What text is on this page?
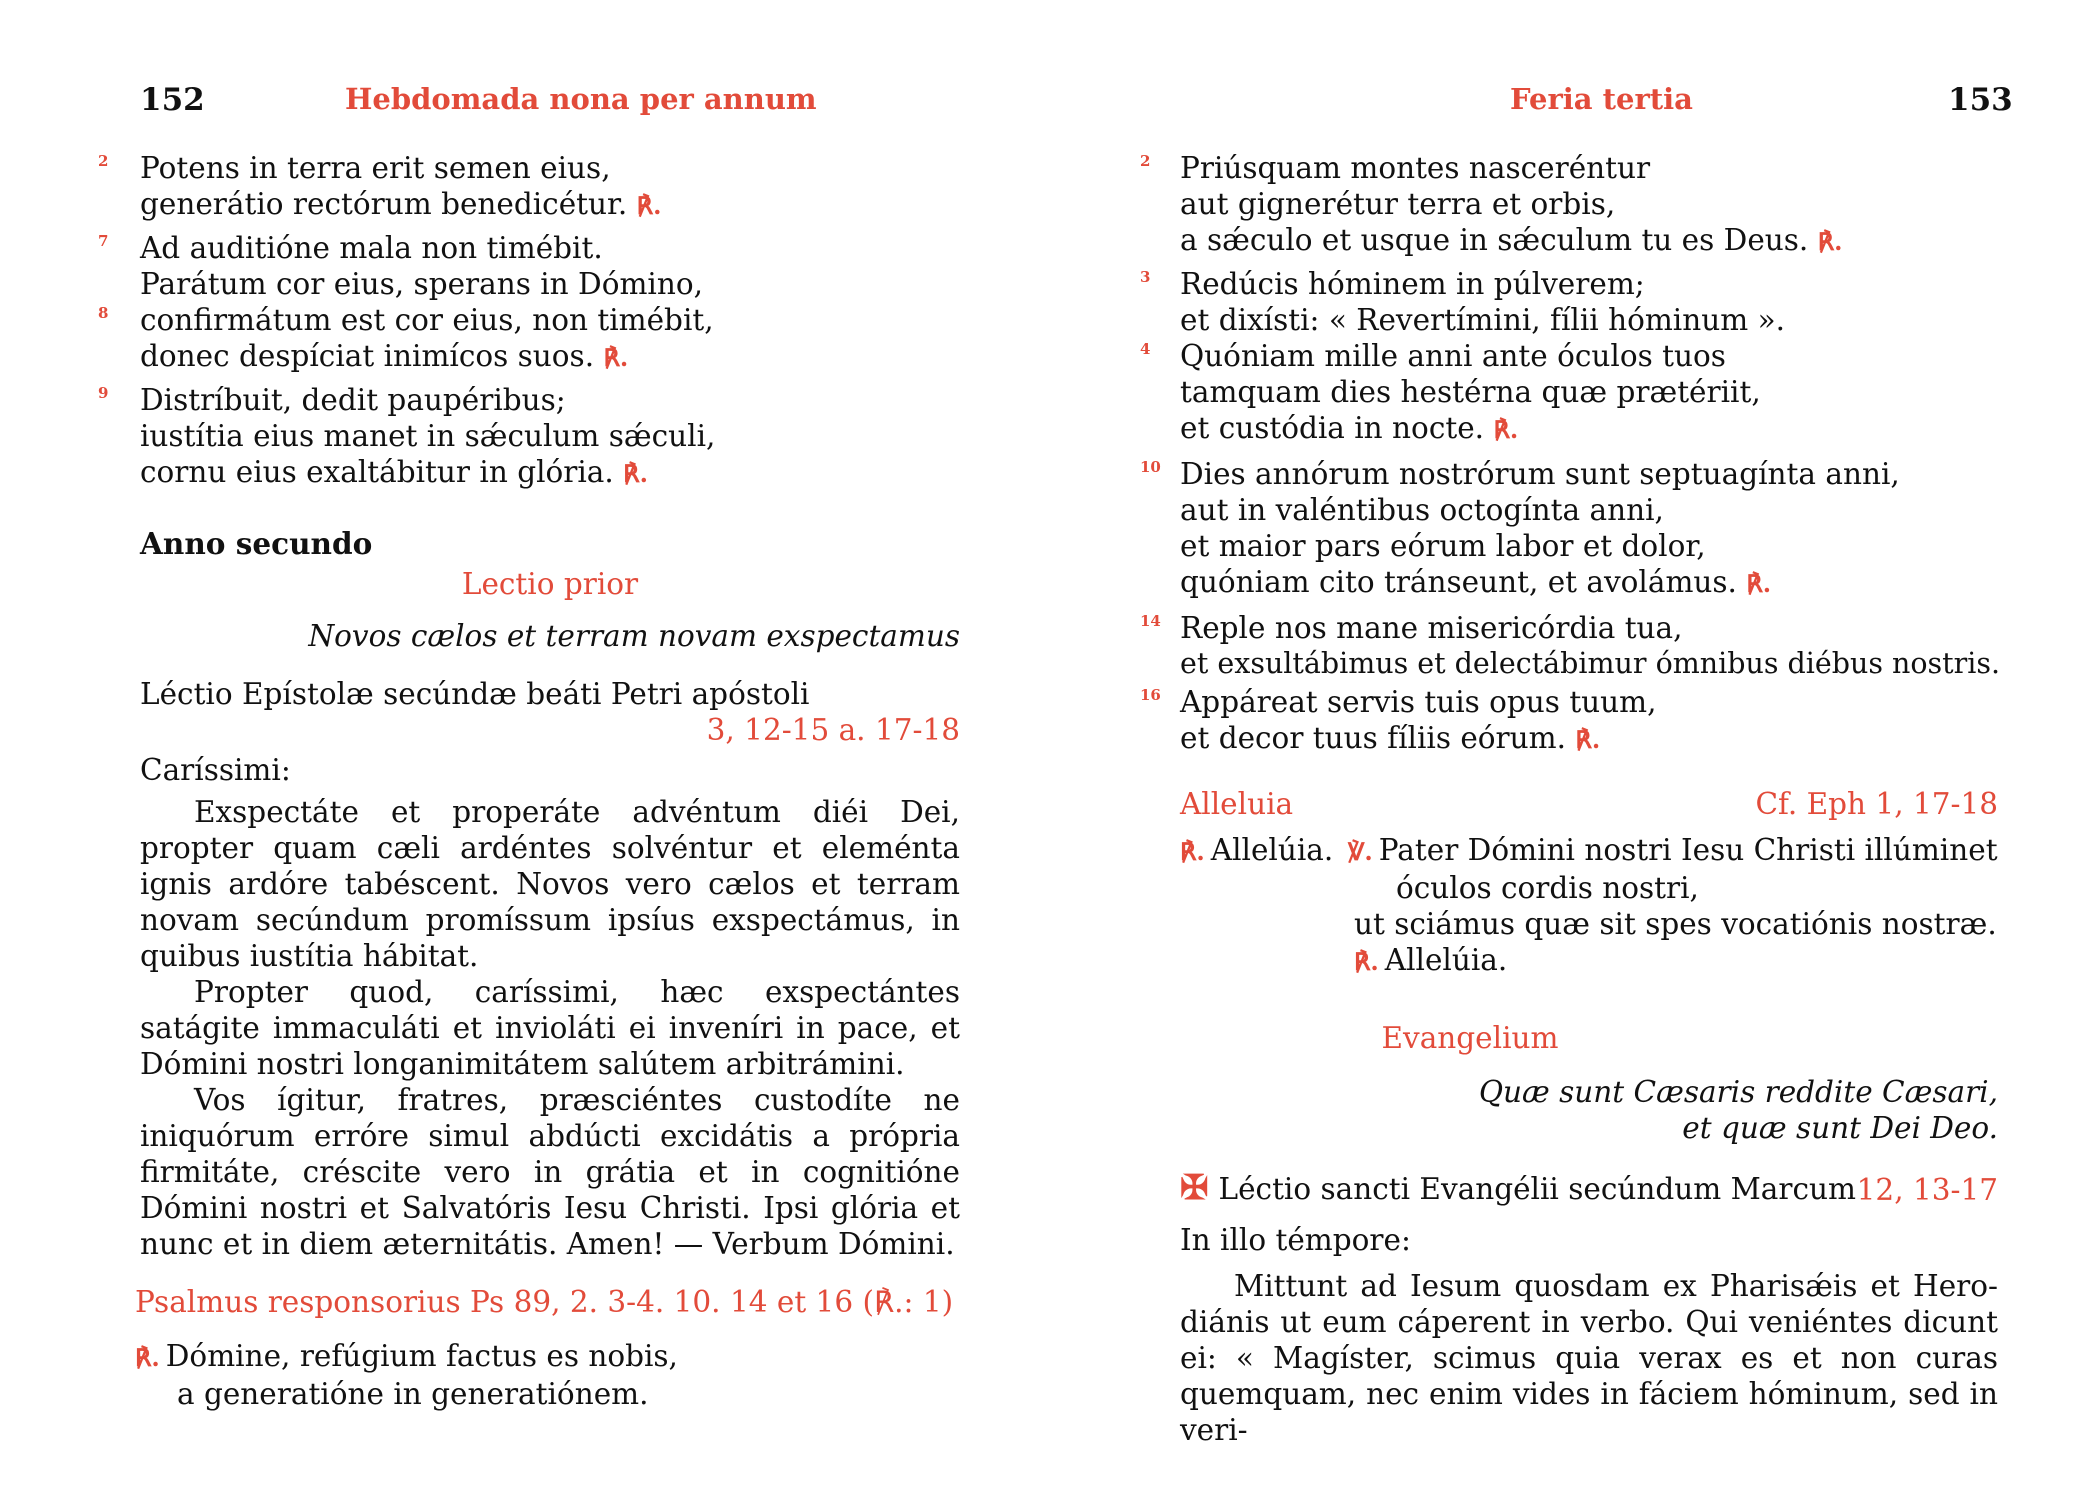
152	Hebdomada nona per annum
2 Potens in terra erit semen eius,
generátio rectórum benedicétur. ℟.
7 Ad auditióne mala non timébit.
Parátum cor eius, sperans in Dómino,
8 confirmátum est cor eius, non timébit,
donec despíciat inimícos suos. ℟.
9 Distríbuit, dedit paupéribus;
iustítia eius manet in sǽculum sǽculi,
cornu eius exaltábitur in glória. ℟.
Anno secundo
Lectio prior
Novos cælos et terram novam exspectamus
Léctio Epístolæ secúndæ beáti Petri apóstoli
3, 12-15 a. 17-18
Caríssimi:

Exspectáte et properáte advéntum diéi Dei, propter quam cæli ardéntes solvéntur et eleménta ignis ardóre tabéscent. Novos vero cælos et terram novam secúndum promíssum ipsíus exspectámus, in quibus iustítia hábitat.

Propter quod, caríssimi, hæc exspectántes satágite immaculáti et invioláti ei inveníri in pace, et Dómini nostri longanimitátem salútem arbitrámini.

Vos ígitur, fratres, præsciéntes custodíte ne iniquórum erróre simul abdúcti excidátis a própria firmitáte, créscite vero in grátia et in cognitióne Dómini nostri et Salvatóris Iesu Christi. Ipsi glória et nunc et in diem æternitátis. Amen! — Verbum Dómini.

Psalmus responsorius Ps 89, 2. 3-4. 10. 14 et 16 (℟.: 1)
℟. Dómine, refúgium factus es nobis,
a generatióne in generatiónem.
Feria tertia	153
2 Priúsquam montes nasceréntur
aut gignerétur terra et orbis,
a sǽculo et usque in sǽculum tu es Deus. ℟.
3 Redúcis hóminem in púlverem;
et dixísti: « Revertímini, fílii hóminum ».
4 Quóniam mille anni ante óculos tuos
tamquam dies hestérna quæ prætériit,
et custódia in nocte. ℟.
10 Dies annórum nostrórum sunt septuagínta anni,
aut in valéntibus octogínta anni,
et maior pars eórum labor et dolor,
quóniam cito tránseunt, et avolámus. ℟.
14 Reple nos mane misericórdia tua,
et exsultábimus et delectábimur ómnibus diébus nostris.
16 Appáreat servis tuis opus tuum,
et decor tuus fíliis eórum. ℟.
Alleluia	Cf. Eph 1, 17-18
℟. Allelúia. ℣. Pater Dómini nostri Iesu Christi illúminet
óculos cordis nostri,
ut sciámus quæ sit spes vocatiónis nostræ.
℟. Allelúia.
Evangelium
Quæ sunt Cæsaris reddite Cæsari,
et quæ sunt Dei Deo.
✠ Léctio sancti Evangélii secúndum Marcum 12, 13-17
In illo témpore:

Mittunt ad Iesum quosdam ex Pharisǽis et Herodiánis ut eum cáperent in verbo. Qui veniéntes dicunt ei: « Magíster, scimus quia verax es et non curas quemquam, nec enim vides in fáciem hóminum, sed in veri-
